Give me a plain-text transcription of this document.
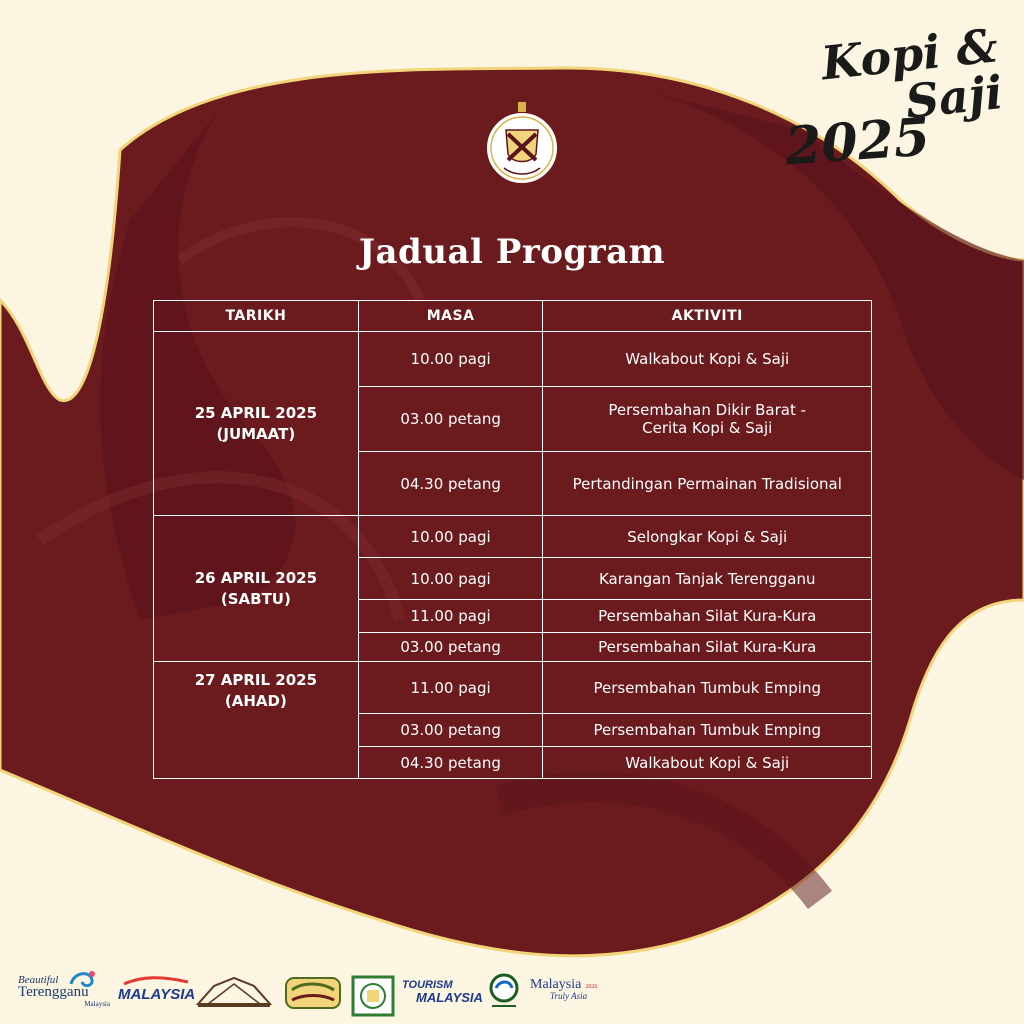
Kopi & Saji
2025
Jadual Program
TARIKH	MASA	AKTIVITI

25 APRIL 2025
(JUMAAT)	10.00 pagi	Walkabout Kopi & Saji
	03.00 petang	Persembahan Dikir Barat -
Cerita Kopi & Saji

	04.30 petang	Pertandingan Permainan Tradisional

26 APRIL 2025
(SABTU)	10.00 pagi	Selongkar Kopi & Saji
	10.00 pagi	Karangan Tanjak Terengganu
	11.00 pagi	Persembahan Silat Kura-Kura
	03.00 petang	Persembahan Silat Kura-Kura

27 APRIL 2025
(AHAD)	11.00 pagi	Persembahan Tumbuk Emping
	03.00 petang	Persembahan Tumbuk Emping
	04.30 petang	Walkabout Kopi & Saji
Beautiful
Terengganu
Malaysia
MALAYSIA
TOURISM
MALAYSIA
Malaysia 2026
Truly Asia
